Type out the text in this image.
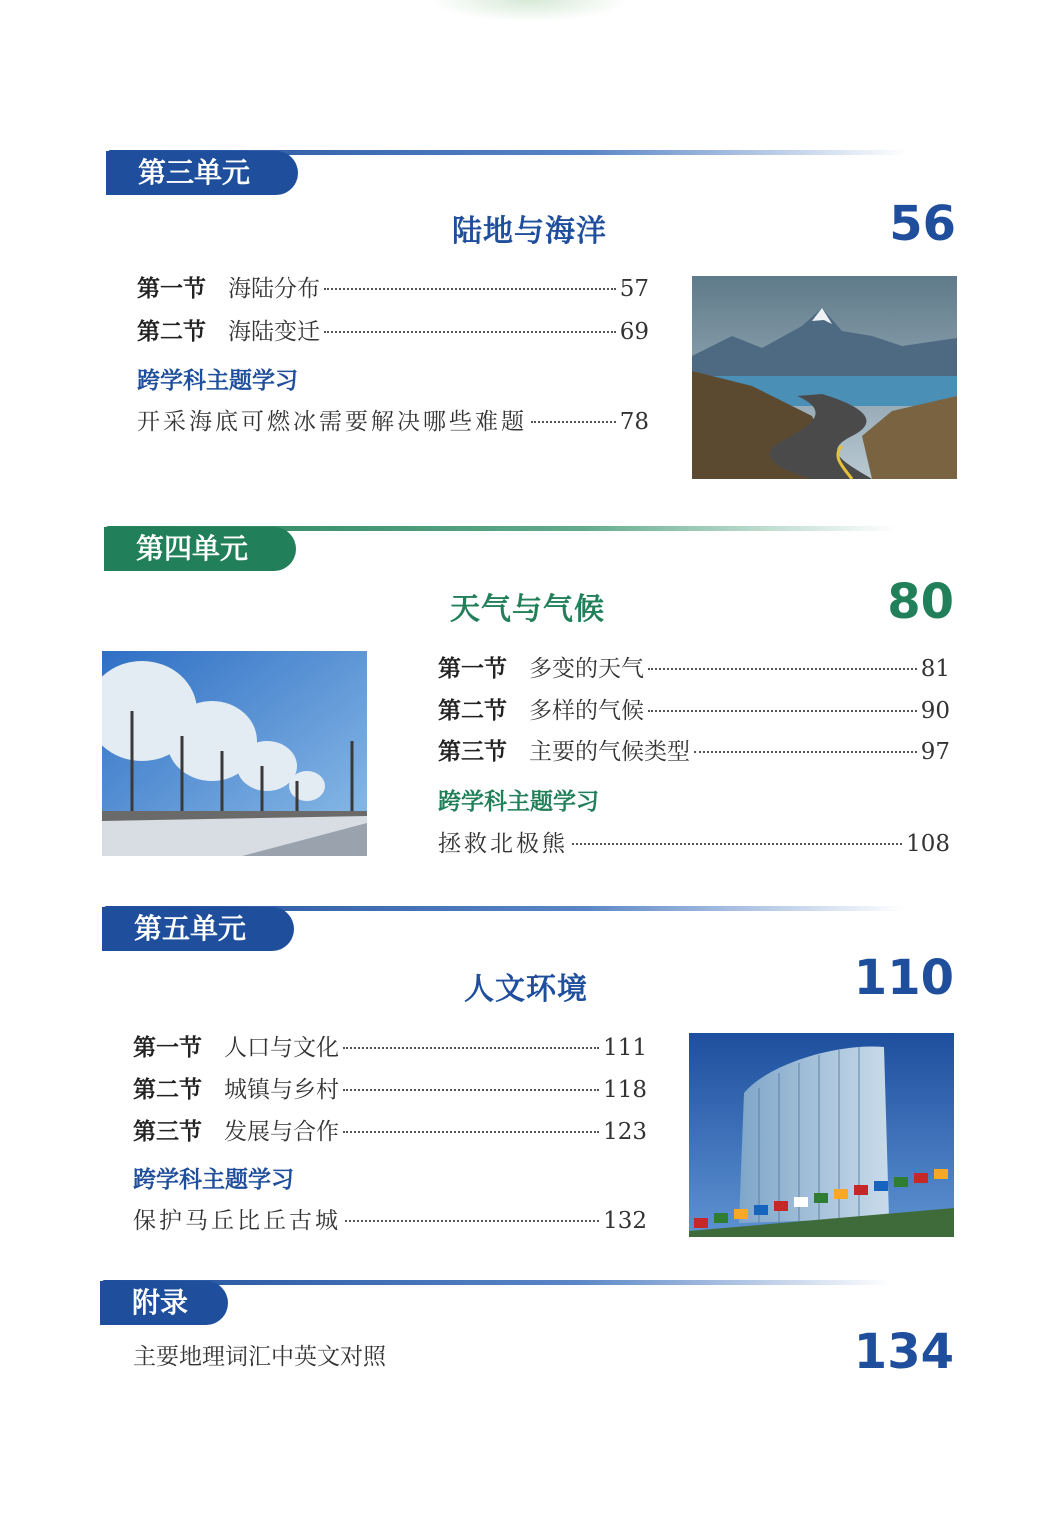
第三单元
陆地与海洋	56
第一节 海陆分布	57
第二节 海陆变迁	69
跨学科主题学习
开采海底可燃冰需要解决哪些难题	78
第四单元
天气与气候	80
第一节 多变的天气	81
第二节 多样的气候	90
第三节 主要的气候类型	97
跨学科主题学习
拯救北极熊	108
第五单元
人文环境	110
第一节 人口与文化	111
第二节 城镇与乡村	118
第三节 发展与合作	123
跨学科主题学习
保护马丘比丘古城	132
附录
主要地理词汇中英文对照	134
